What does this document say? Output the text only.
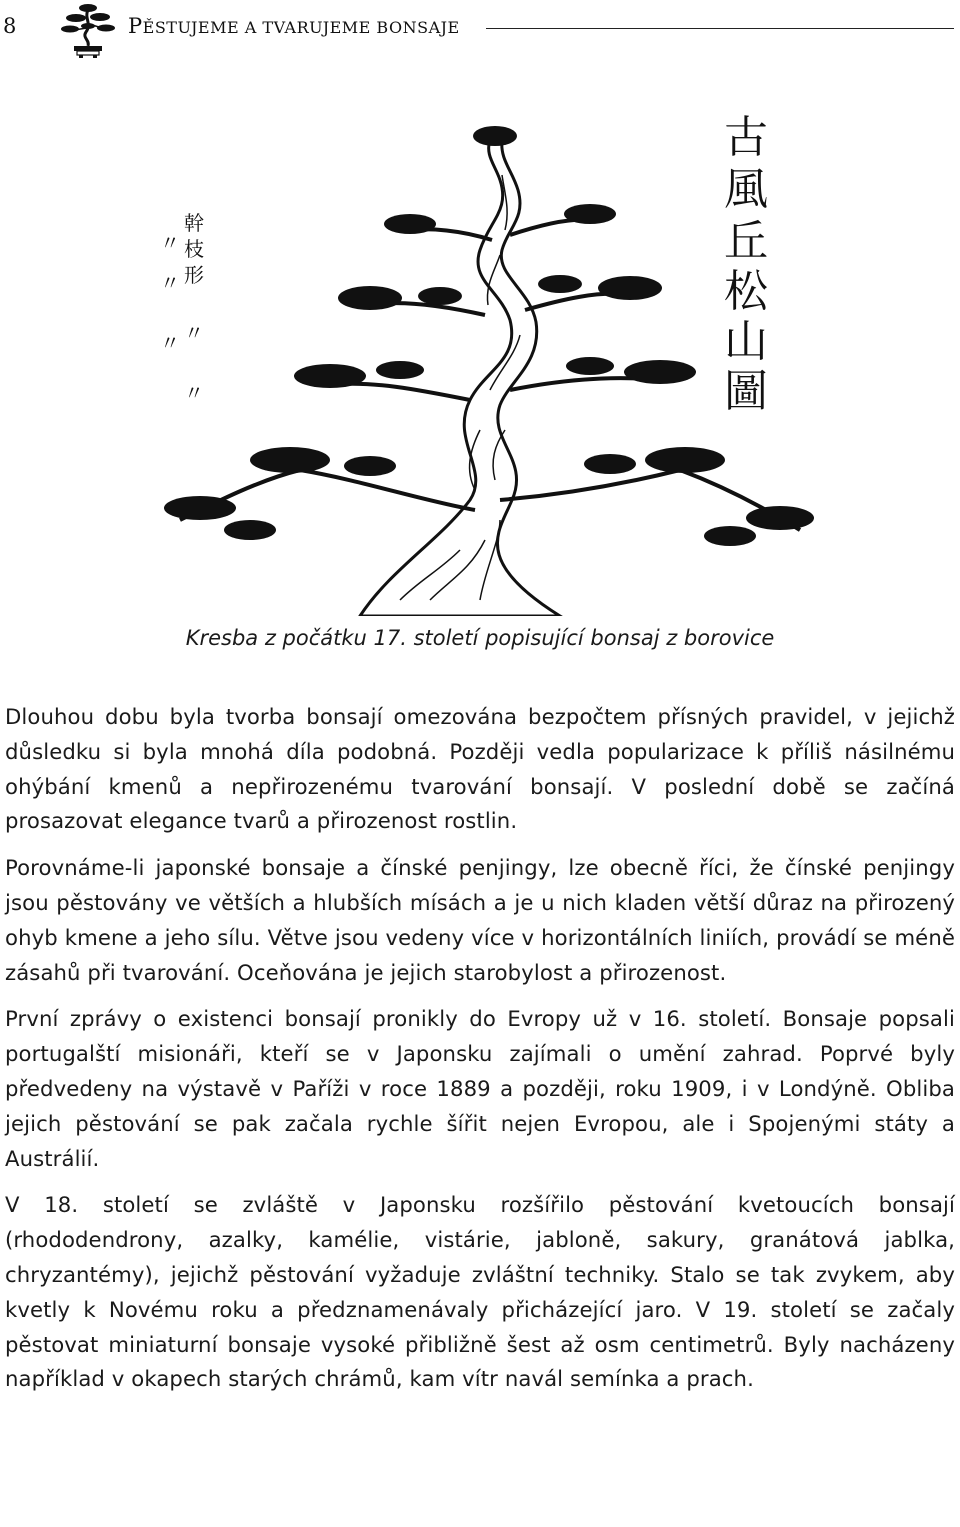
8	PĚSTUJEME A TVARUJEME BONSAJE
古
風
丘
松
山
圖
幹
枝
形
〃
〃
〃
〃
〃
Kresba z počátku 17. století popisující bonsaj z borovice

Dlouhou dobu byla tvorba bonsají omezována bezpočtem přísných pravidel, v jejichž důsledku si byla mnohá díla podobná. Později vedla popularizace k příliš násilnému ohýbání kmenů a nepřirozenému tvarování bonsají. V poslední době se začíná prosazovat elegance tvarů a přirozenost rostlin.

Porovnáme-li japonské bonsaje a čínské penjingy, lze obecně říci, že čínské penjingy jsou pěstovány ve větších a hlubších mísách a je u nich kladen větší důraz na přirozený ohyb kmene a jeho sílu. Větve jsou vedeny více v horizontálních liniích, provádí se méně zásahů při tvarování. Oceňována je jejich starobylost a přirozenost.

První zprávy o existenci bonsají pronikly do Evropy už v 16. století. Bonsaje popsali portugalští misionáři, kteří se v Japonsku zajímali o umění zahrad. Poprvé byly předvedeny na výstavě v Paříži v roce 1889 a později, roku 1909, i v Londýně. Obliba jejich pěstování se pak začala rychle šířit nejen Evropou, ale i Spojenými státy a Austrálií.

V 18. století se zvláště v Japonsku rozšířilo pěstování kvetoucích bonsají (rhododendrony, azalky, kamélie, vistárie, jabloně, sakury, granátová jablka, chryzantémy), jejichž pěstování vyžaduje zvláštní techniky. Stalo se tak zvykem, aby kvetly k Novému roku a předznamenávaly přicházející jaro. V 19. století se začaly pěstovat miniaturní bonsaje vysoké přibližně šest až osm centimetrů. Byly nacházeny například v okapech starých chrámů, kam vítr navál semínka a prach.
